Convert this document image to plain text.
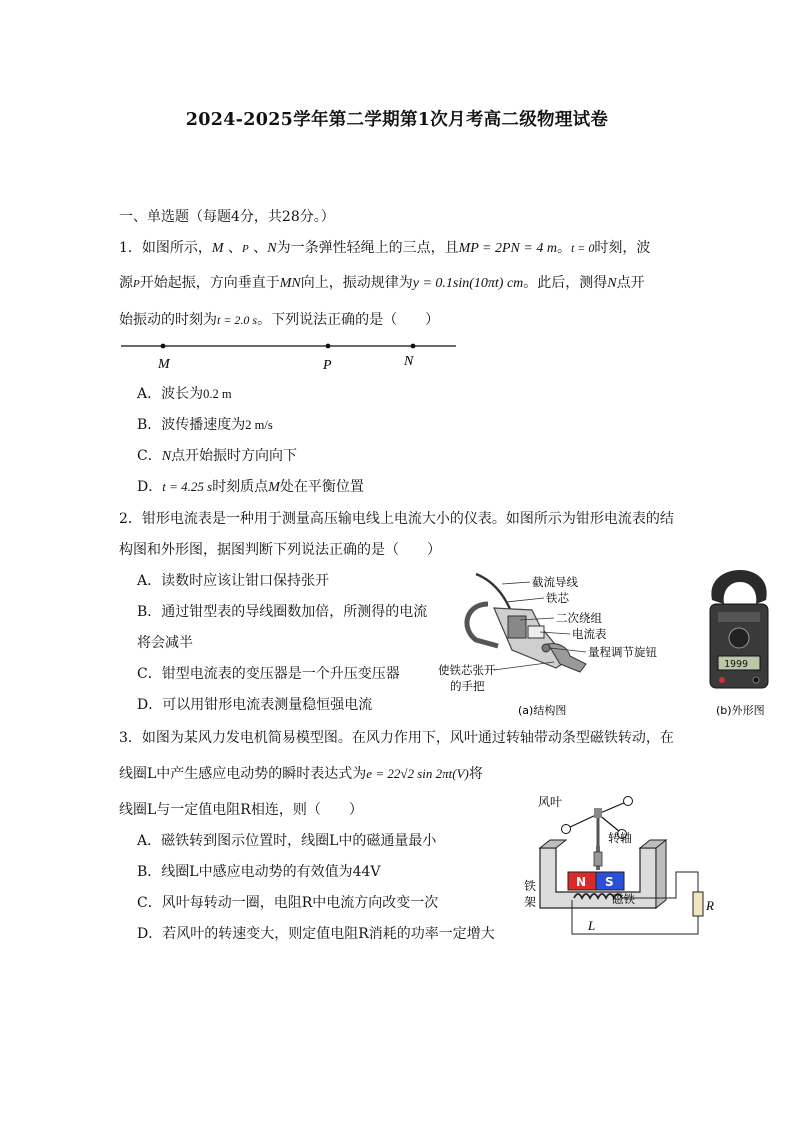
2024-2025学年第二学期第1次月考高二级物理试卷
一、单选题（每题4分，共28分。）
1．如图所示，M 、P 、N为一条弹性轻绳上的三点，且MP = 2PN = 4 m。t = 0时刻，波
源P开始起振，方向垂直于MN向上，振动规律为y = 0.1sin(10πt) cm。此后，测得N点开
始振动的时刻为t = 2.0 s。下列说法正确的是（　　）
M	P	N
A．波长为0.2 m
B．波传播速度为2 m/s
C．N点开始振时方向向下
D．t = 4.25 s时刻质点M处在平衡位置
2．钳形电流表是一种用于测量高压输电线上电流大小的仪表。如图所示为钳形电流表的结
构图和外形图，据图判断下列说法正确的是（　　）
A．读数时应该让钳口保持张开
B．通过钳型表的导线圈数加倍，所测得的电流
将会减半
C．钳型电流表的变压器是一个升压变压器
D．可以用钳形电流表测量稳恒强电流
截流导线
铁芯
二次绕组
电流表
量程调节旋钮
使铁芯张开
的手把
(a)结构图
1999
(b)外形图
3．如图为某风力发电机简易模型图。在风力作用下，风叶通过转轴带动条型磁铁转动，在
线圈L中产生感应电动势的瞬时表达式为e = 22√2 sin 2πt(V)将
线圈L与一定值电阻R相连，则（　　）
A．磁铁转到图示位置时，线圈L中的磁通量最小
B．线圈L中感应电动势的有效值为44V
C．风叶每转动一圈，电阻R中电流方向改变一次
D．若风叶的转速变大，则定值电阻R消耗的功率一定增大
N S
风叶
转轴
铁
架	磁铁	R
L
